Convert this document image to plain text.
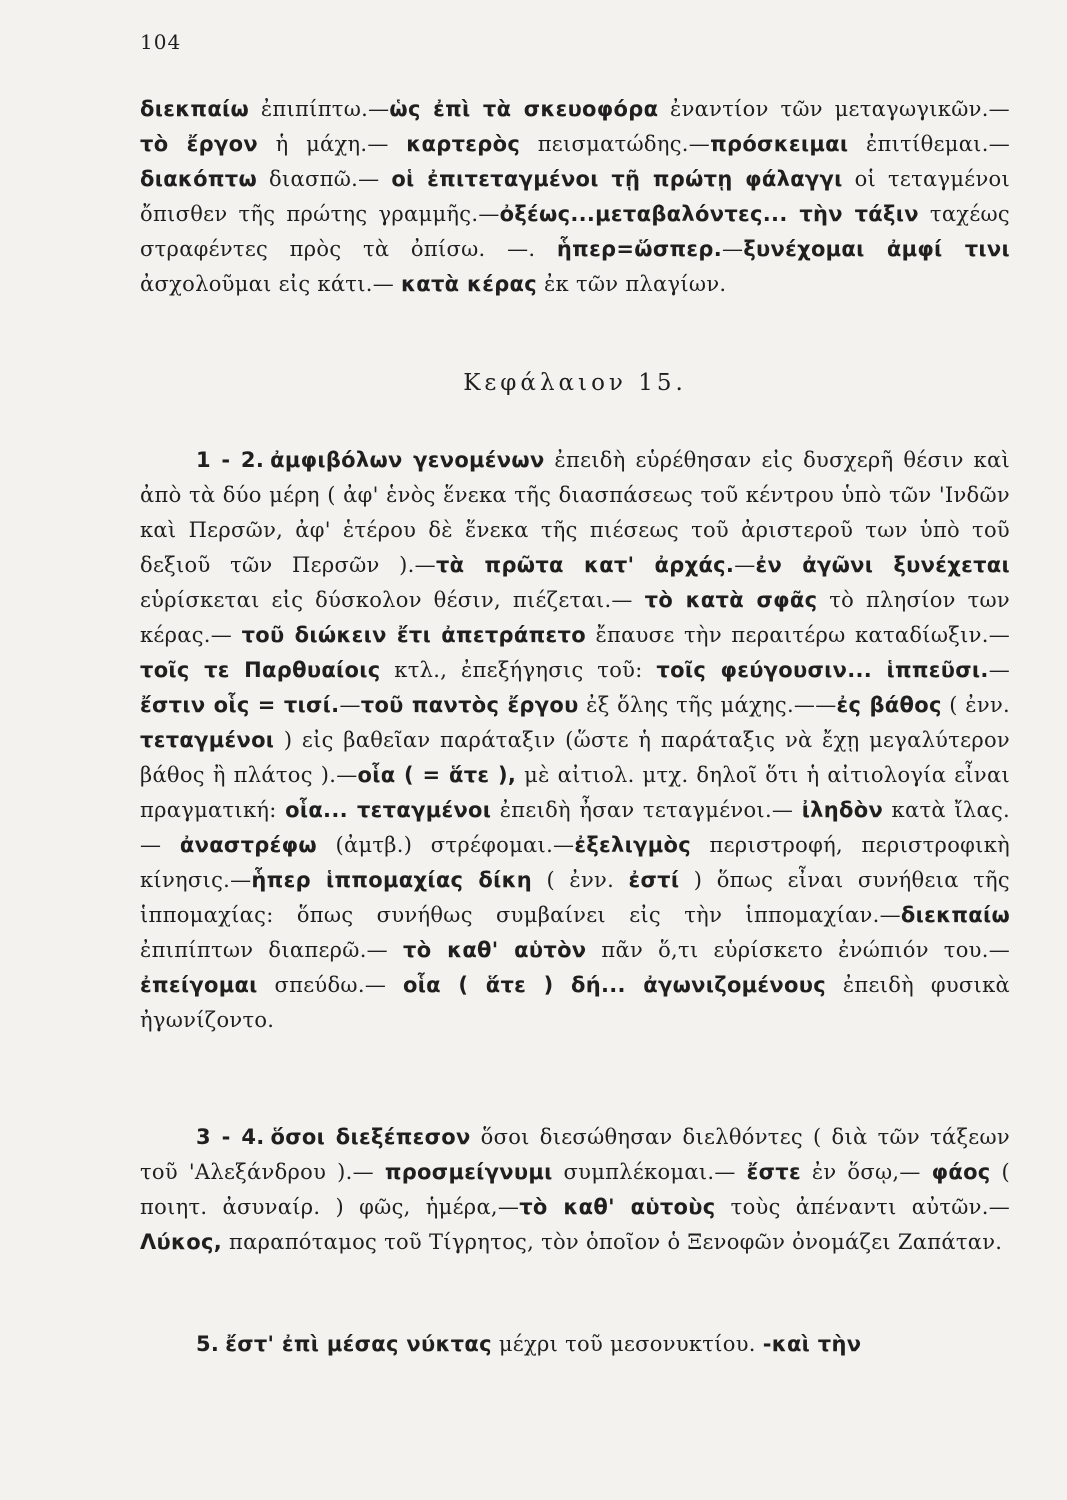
104
διεκπαίω ἐπιπίπτω.—ὡς ἐπὶ τὰ σκευοφόρα ἐναντίον τῶν μεταγωγικῶν.— τὸ ἔργον ἡ μάχη.— καρτερὸς πεισματώδης.—πρόσκειμαι ἐπιτίθεμαι.—διακόπτω διασπῶ.— οἱ ἐπιτεταγμένοι τῇ πρώτῃ φάλαγγι οἱ τεταγμένοι ὄπισθεν τῆς πρώτης γραμμῆς.—ὀξέως...μεταβαλόντες... τὴν τάξιν ταχέως στραφέντες πρὸς τὰ ὀπίσω. —. ἧπερ=ὥσπερ.—ξυνέχομαι ἀμφί τινι ἀσχολοῦμαι εἰς κάτι.— κατὰ κέρας ἐκ τῶν πλαγίων.
Κεφάλαιον 15.
1 - 2. ἀμφιβόλων γενομένων ἐπειδὴ εὑρέθησαν εἰς δυσχερῆ θέσιν καὶ ἀπὸ τὰ δύο μέρη ( ἀφ' ἑνὸς ἕνεκα τῆς διασπάσεως τοῦ κέντρου ὑπὸ τῶν 'Ινδῶν καὶ Περσῶν, ἀφ' ἑτέρου δὲ ἕνεκα τῆς πιέσεως τοῦ ἀριστεροῦ των ὑπὸ τοῦ δεξιοῦ τῶν Περσῶν ).—τὰ πρῶτα κατ' ἀρχάς.—ἐν ἀγῶνι ξυνέχεται εὑρίσκεται εἰς δύσκολον θέσιν, πιέζεται.— τὸ κατὰ σφᾶς τὸ πλησίον των κέρας.— τοῦ διώκειν ἔτι ἀπετράπετο ἔπαυσε τὴν περαιτέρω καταδίωξιν.— τοῖς τε Παρθυαίοις κτλ., ἐπεξήγησις τοῦ: τοῖς φεύγουσιν... ἱππεῦσι.— ἔστιν οἷς = τισί.—τοῦ παντὸς ἔργου ἐξ ὅλης τῆς μάχης.——ἐς βάθος ( ἐνν. τεταγμένοι ) εἰς βαθεῖαν παράταξιν (ὥστε ἡ παράταξις νὰ ἔχῃ μεγαλύτερον βάθος ἢ πλάτος ).—οἷα ( = ἅτε ), μὲ αἰτιολ. μτχ. δηλοῖ ὅτι ἡ αἰτιολογία εἶναι πραγματική: οἷα... τεταγμένοι ἐπειδὴ ἦσαν τεταγμένοι.— ἰληδὸν κατὰ ἴλας.— ἀναστρέφω (ἀμτβ.) στρέφομαι.—ἐξελιγμὸς περιστροφή, περιστροφικὴ κίνησις.—ἧπερ ἱππομαχίας δίκη ( ἐνν. ἐστί ) ὅπως εἶναι συνήθεια τῆς ἱππομαχίας: ὅπως συνήθως συμβαίνει εἰς τὴν ἱππομαχίαν.—διεκπαίω ἐπιπίπτων διαπερῶ.— τὸ καθ' αὑτὸν πᾶν ὅ,τι εὑρίσκετο ἐνώπιόν του.—ἐπείγομαι σπεύδω.— οἷα ( ἅτε ) δή... ἀγωνιζομένους ἐπειδὴ φυσικὰ ἠγωνίζοντο.
3 - 4. ὅσοι διεξέπεσον ὅσοι διεσώθησαν διελθόντες ( διὰ τῶν τάξεων τοῦ 'Αλεξάνδρου ).— προσμείγνυμι συμπλέκομαι.— ἔστε ἐν ὅσῳ,— φάος ( ποιητ. ἀσυναίρ. ) φῶς, ἡμέρα,—τὸ καθ' αὑτοὺς τοὺς ἀπέναντι αὐτῶν.—Λύκος, παραπόταμος τοῦ Τίγρητος, τὸν ὁποῖον ὁ Ξενοφῶν ὀνομάζει Ζαπάταν.
5. ἔστ' ἐπὶ μέσας νύκτας μέχρι τοῦ μεσονυκτίου. -καὶ τὴν
